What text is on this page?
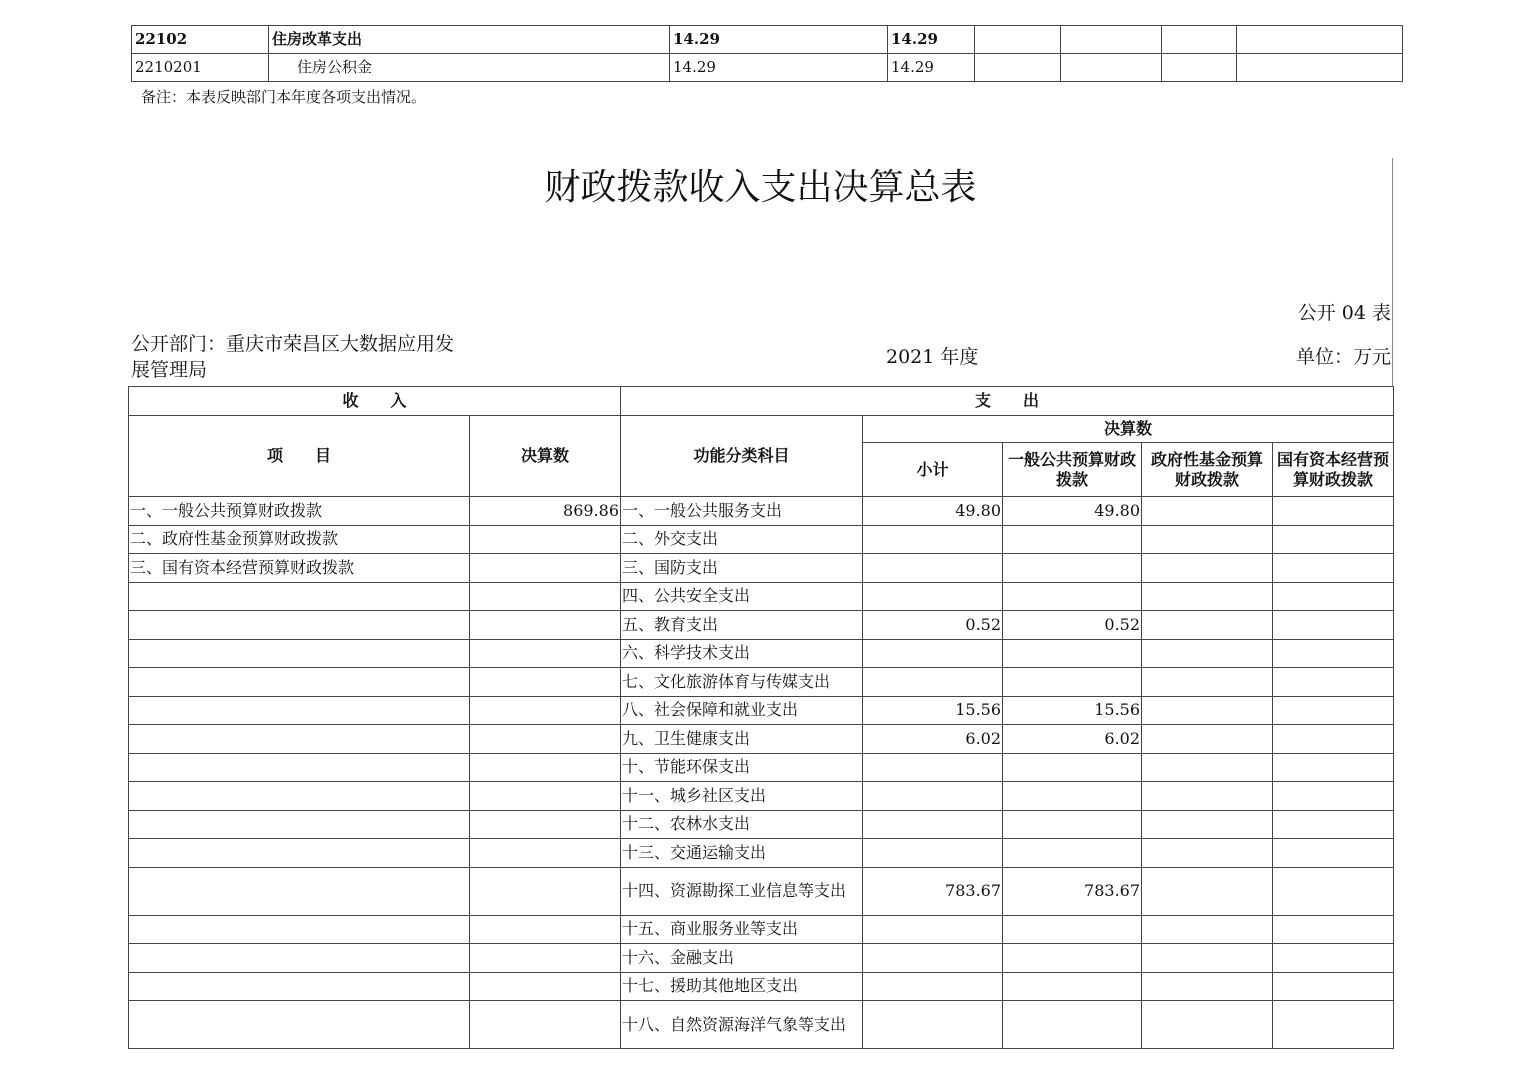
22102	住房改革支出	14.29	14.29				
2210201	住房公积金	14.29	14.29				
备注：本表反映部门本年度各项支出情况。
财政拨款收入支出决算总表
公开 04 表
公开部门：重庆市荣昌区大数据应用发展管理局
2021 年度	单位：万元
收　　入		支　　出				
项　　目	决算数	功能分类科目	决算数			
			小计	一般公共预算财政拨款	政府性基金预算财政拨款	国有资本经营预算财政拨款
一、一般公共预算财政拨款	869.86	一、一般公共服务支出	49.80	49.80		
二、政府性基金预算财政拨款		二、外交支出				
三、国有资本经营预算财政拨款		三、国防支出				
		四、公共安全支出				
		五、教育支出	0.52	0.52		
		六、科学技术支出				
		七、文化旅游体育与传媒支出				
		八、社会保障和就业支出	15.56	15.56		
		九、卫生健康支出	6.02	6.02		
		十、节能环保支出				
		十一、城乡社区支出				
		十二、农林水支出				
		十三、交通运输支出				
		十四、资源勘探工业信息等支出	783.67	783.67		
		十五、商业服务业等支出				
		十六、金融支出				
		十七、援助其他地区支出				
		十八、自然资源海洋气象等支出				
